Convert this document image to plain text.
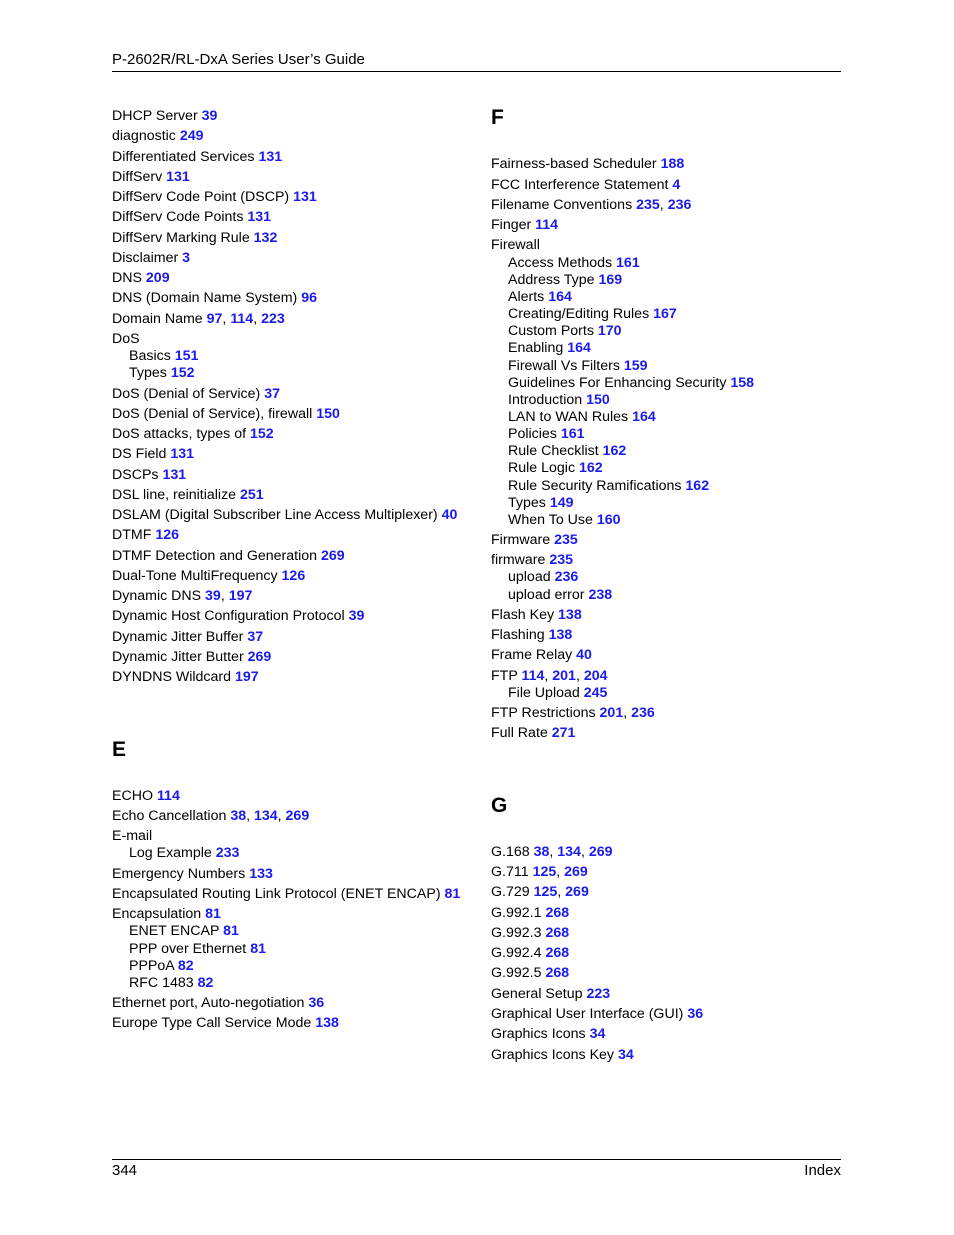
P-2602R/RL-DxA Series User’s Guide
DHCP Server 39
diagnostic 249
Differentiated Services 131
DiffServ 131
DiffServ Code Point (DSCP) 131
DiffServ Code Points 131
DiffServ Marking Rule 132
Disclaimer 3
DNS 209
DNS (Domain Name System) 96
Domain Name 97, 114, 223
DoS
Basics 151
Types 152
DoS (Denial of Service) 37
DoS (Denial of Service), firewall 150
DoS attacks, types of 152
DS Field 131
DSCPs 131
DSL line, reinitialize 251
DSLAM (Digital Subscriber Line Access Multiplexer) 40
DTMF 126
DTMF Detection and Generation 269
Dual-Tone MultiFrequency 126
Dynamic DNS 39, 197
Dynamic Host Configuration Protocol 39
Dynamic Jitter Buffer 37
Dynamic Jitter Butter 269
DYNDNS Wildcard 197
E
ECHO 114
Echo Cancellation 38, 134, 269
E-mail
Log Example 233
Emergency Numbers 133
Encapsulated Routing Link Protocol (ENET ENCAP) 81
Encapsulation 81
ENET ENCAP 81
PPP over Ethernet 81
PPPoA 82
RFC 1483 82
Ethernet port, Auto-negotiation 36
Europe Type Call Service Mode 138
F
Fairness-based Scheduler 188
FCC Interference Statement 4
Filename Conventions 235, 236
Finger 114
Firewall
Access Methods 161
Address Type 169
Alerts 164
Creating/Editing Rules 167
Custom Ports 170
Enabling 164
Firewall Vs Filters 159
Guidelines For Enhancing Security 158
Introduction 150
LAN to WAN Rules 164
Policies 161
Rule Checklist 162
Rule Logic 162
Rule Security Ramifications 162
Types 149
When To Use 160
Firmware 235
firmware 235
upload 236
upload error 238
Flash Key 138
Flashing 138
Frame Relay 40
FTP 114, 201, 204
File Upload 245
FTP Restrictions 201, 236
Full Rate 271
G
G.168 38, 134, 269
G.711 125, 269
G.729 125, 269
G.992.1 268
G.992.3 268
G.992.4 268
G.992.5 268
General Setup 223
Graphical User Interface (GUI) 36
Graphics Icons 34
Graphics Icons Key 34
344	Index
